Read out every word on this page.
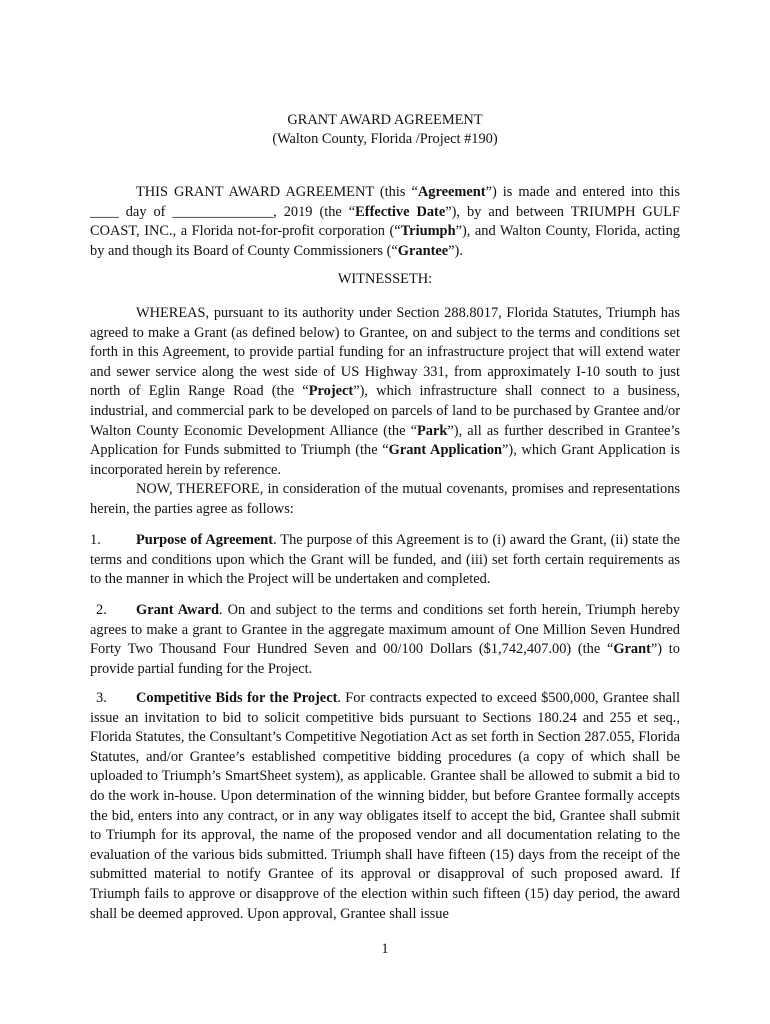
GRANT AWARD AGREEMENT
(Walton County, Florida /Project #190)

THIS GRANT AWARD AGREEMENT (this “Agreement”) is made and entered into this ____ day of ______________, 2019 (the “Effective Date”), by and between TRIUMPH GULF COAST, INC., a Florida not-for-profit corporation (“Triumph”), and Walton County, Florida, acting by and though its Board of County Commissioners (“Grantee”).

WITNESSETH:

WHEREAS, pursuant to its authority under Section 288.8017, Florida Statutes, Triumph has agreed to make a Grant (as defined below) to Grantee, on and subject to the terms and conditions set forth in this Agreement, to provide partial funding for an infrastructure project that will extend water and sewer service along the west side of US Highway 331, from approximately I-10 south to just north of Eglin Range Road (the “Project”), which infrastructure shall connect to a business, industrial, and commercial park to be developed on parcels of land to be purchased by Grantee and/or Walton County Economic Development Alliance (the “Park”), all as further described in Grantee’s Application for Funds submitted to Triumph (the “Grant Application”), which Grant Application is incorporated herein by reference.

NOW, THEREFORE, in consideration of the mutual covenants, promises and representations herein, the parties agree as follows:

1. Purpose of Agreement. The purpose of this Agreement is to (i) award the Grant, (ii) state the terms and conditions upon which the Grant will be funded, and (iii) set forth certain requirements as to the manner in which the Project will be undertaken and completed.

2. Grant Award. On and subject to the terms and conditions set forth herein, Triumph hereby agrees to make a grant to Grantee in the aggregate maximum amount of One Million Seven Hundred Forty Two Thousand Four Hundred Seven and 00/100 Dollars ($1,742,407.00) (the “Grant”) to provide partial funding for the Project.

3. Competitive Bids for the Project. For contracts expected to exceed $500,000, Grantee shall issue an invitation to bid to solicit competitive bids pursuant to Sections 180.24 and 255 et seq., Florida Statutes, the Consultant’s Competitive Negotiation Act as set forth in Section 287.055, Florida Statutes, and/or Grantee’s established competitive bidding procedures (a copy of which shall be uploaded to Triumph’s SmartSheet system), as applicable. Grantee shall be allowed to submit a bid to do the work in-house. Upon determination of the winning bidder, but before Grantee formally accepts the bid, enters into any contract, or in any way obligates itself to accept the bid, Grantee shall submit to Triumph for its approval, the name of the proposed vendor and all documentation relating to the evaluation of the various bids submitted. Triumph shall have fifteen (15) days from the receipt of the submitted material to notify Grantee of its approval or disapproval of such proposed award. If Triumph fails to approve or disapprove of the election within such fifteen (15) day period, the award shall be deemed approved. Upon approval, Grantee shall issue

1
